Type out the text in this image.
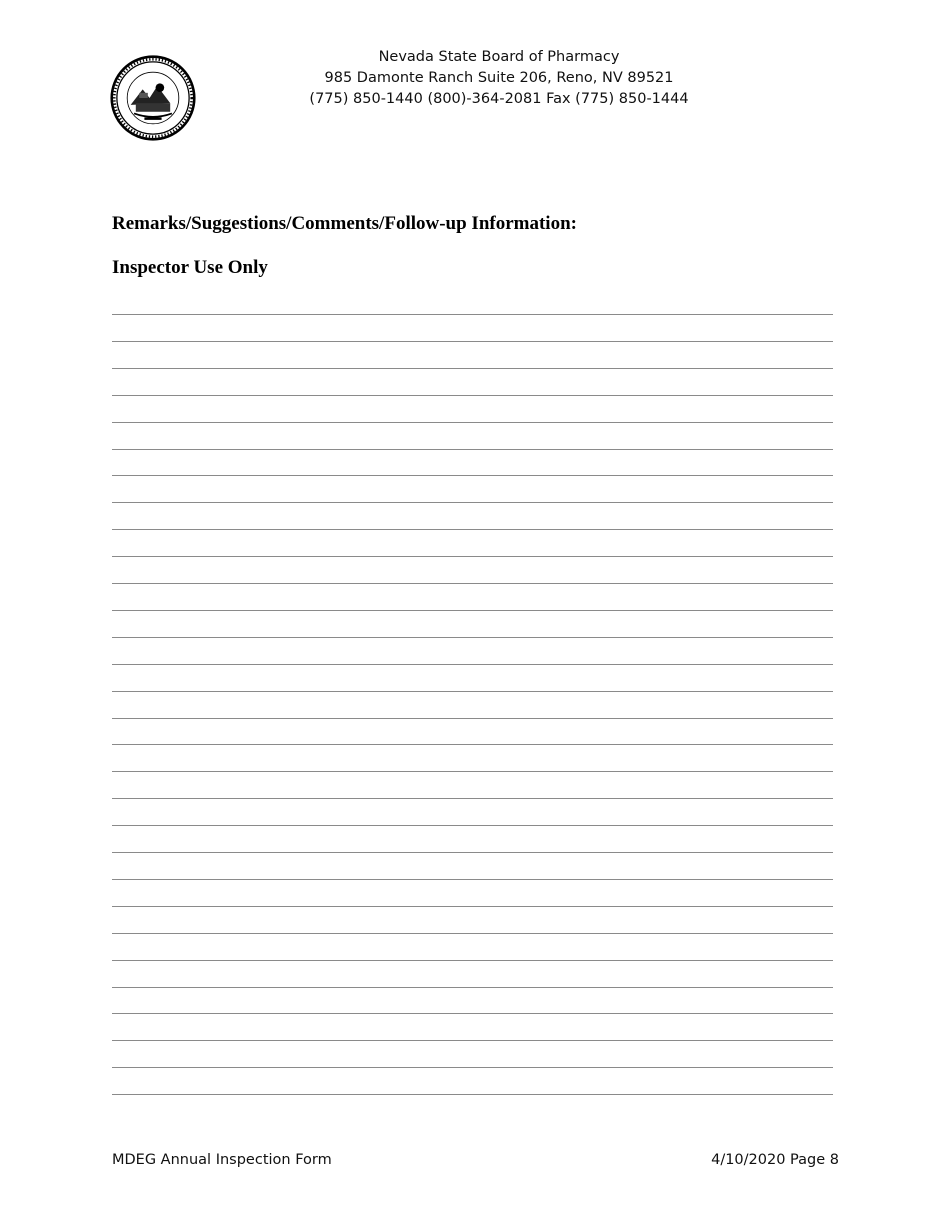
Nevada State Board of Pharmacy
985 Damonte Ranch Suite 206, Reno, NV 89521
(775) 850-1440 (800)-364-2081 Fax (775) 850-1444
Remarks/Suggestions/Comments/Follow-up Information:
Inspector Use Only
MDEG Annual Inspection Form	4/10/2020 Page 8
